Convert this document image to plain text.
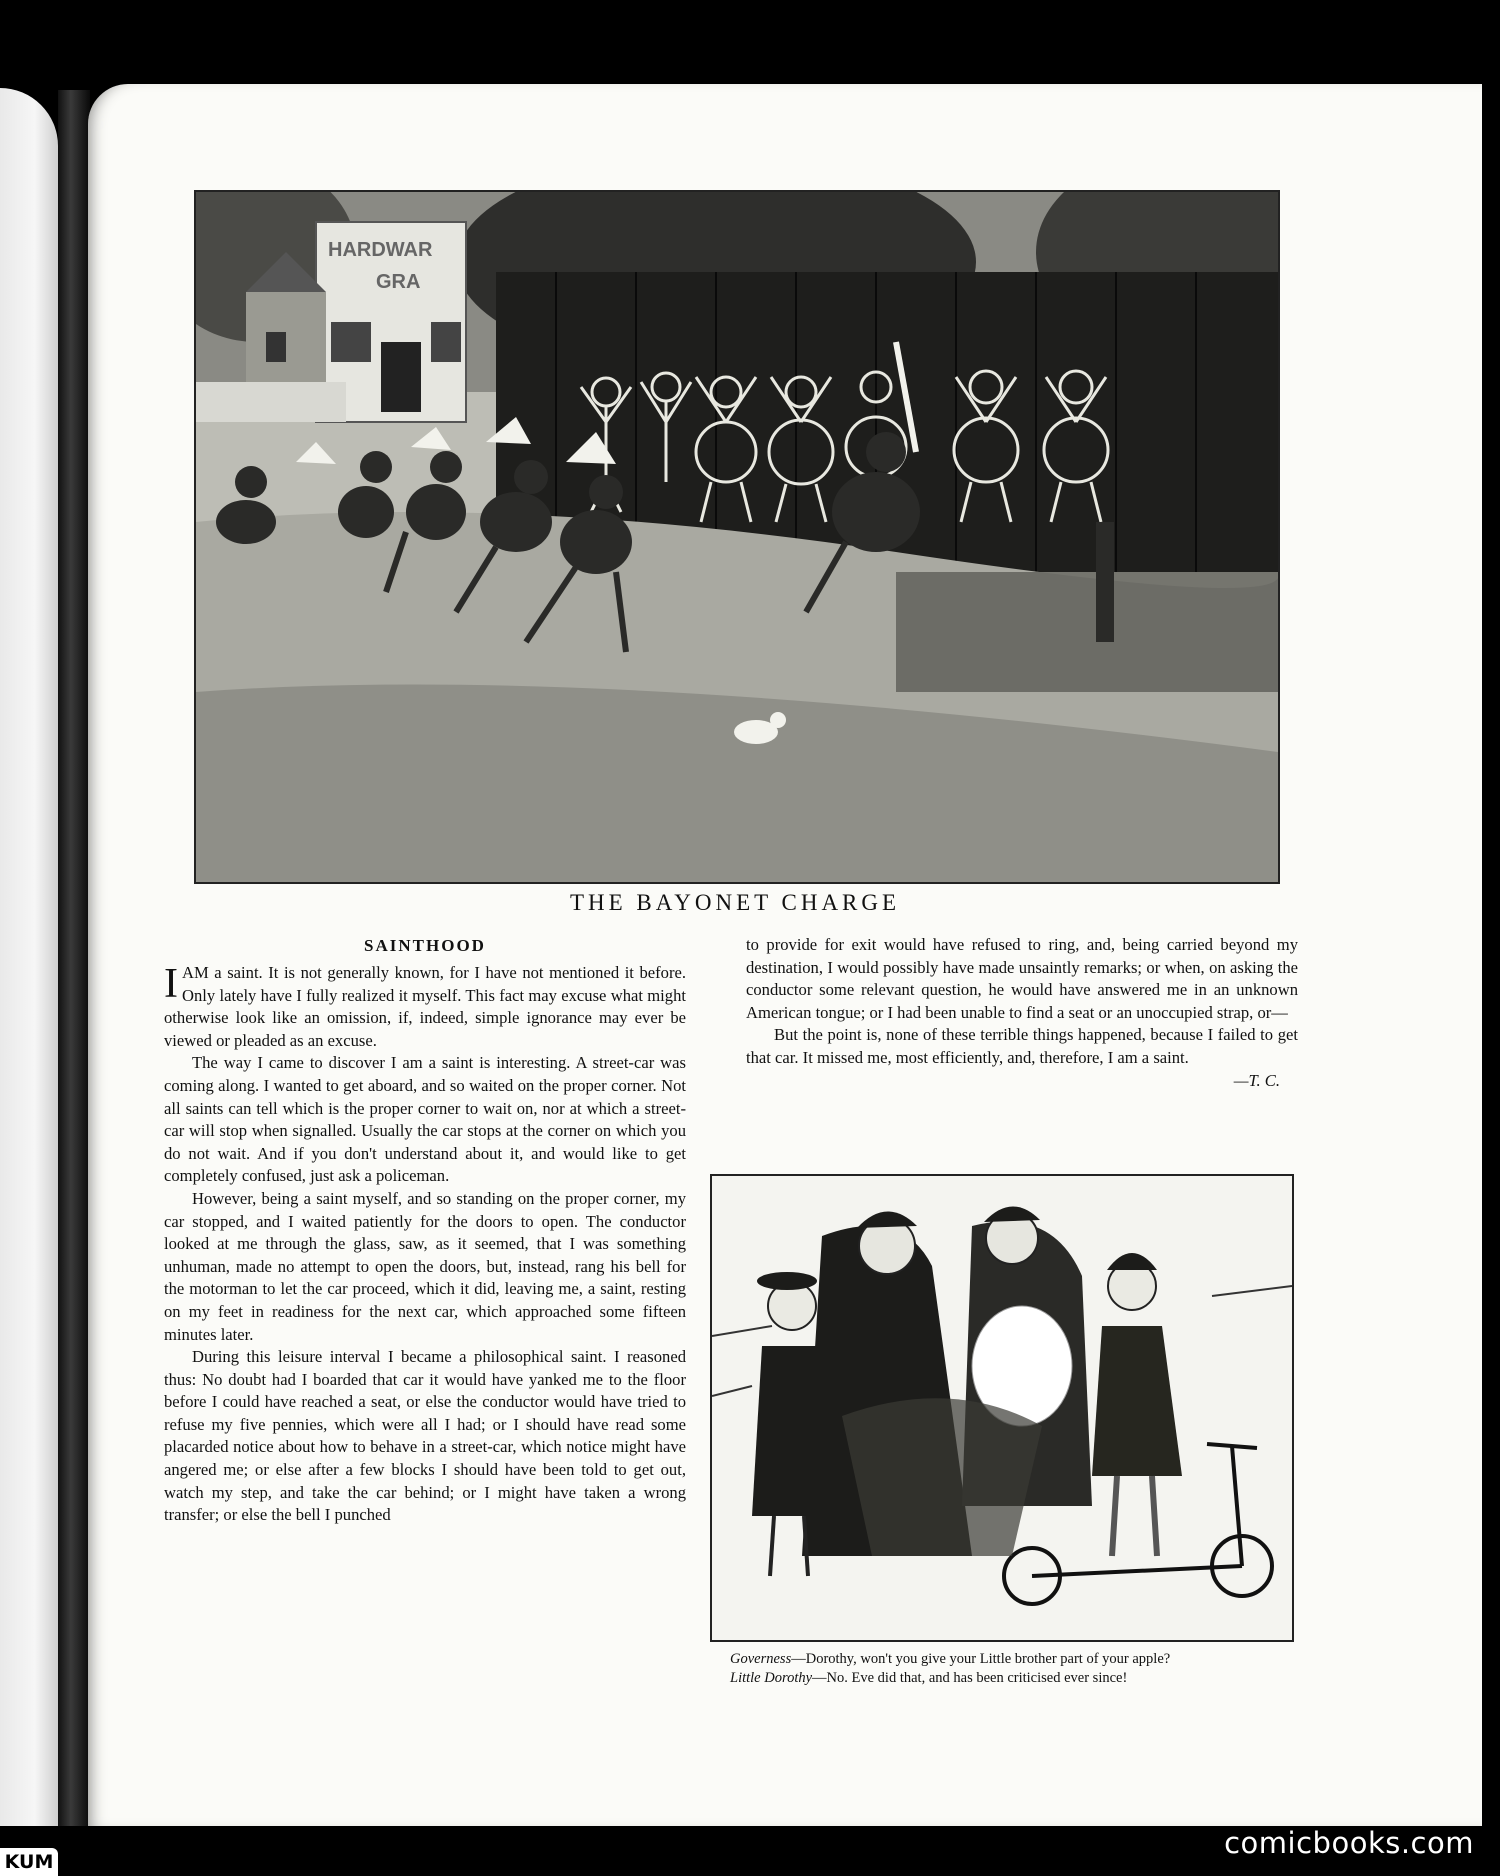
HARDWAR
GRA
THE BAYONET CHARGE
SAINTHOOD

IAM a saint. It is not generally known, for I have not mentioned it before. Only lately have I fully realized it myself. This fact may excuse what might otherwise look like an omission, if, indeed, simple ignorance may ever be viewed or pleaded as an excuse.

The way I came to discover I am a saint is interesting. A street-car was coming along. I wanted to get aboard, and so waited on the proper corner. Not all saints can tell which is the proper corner to wait on, nor at which a street-car will stop when signalled. Usually the car stops at the corner on which you do not wait. And if you don't understand about it, and would like to get completely confused, just ask a policeman.

However, being a saint myself, and so standing on the proper corner, my car stopped, and I waited patiently for the doors to open. The conductor looked at me through the glass, saw, as it seemed, that I was something unhuman, made no attempt to open the doors, but, instead, rang his bell for the motorman to let the car proceed, which it did, leaving me, a saint, resting on my feet in readiness for the next car, which approached some fifteen minutes later.

During this leisure interval I became a philosophical saint. I reasoned thus: No doubt had I boarded that car it would have yanked me to the floor before I could have reached a seat, or else the conductor would have tried to refuse my five pennies, which were all I had; or I should have read some placarded notice about how to behave in a street-car, which notice might have angered me; or else after a few blocks I should have been told to get out, watch my step, and take the car behind; or I might have taken a wrong transfer; or else the bell I punched

to provide for exit would have refused to ring, and, being carried beyond my destination, I would possibly have made unsaintly remarks; or when, on asking the conductor some relevant question, he would have answered me in an unknown American tongue; or I had been unable to find a seat or an unoccupied strap, or—

But the point is, none of these terrible things happened, because I failed to get that car. It missed me, most efficiently, and, therefore, I am a saint.

—T. C.
Governess—Dorothy, won't you give your Little brother part of your apple?
Little Dorothy—No. Eve did that, and has been criticised ever since!
comicbooks.com
KUM
